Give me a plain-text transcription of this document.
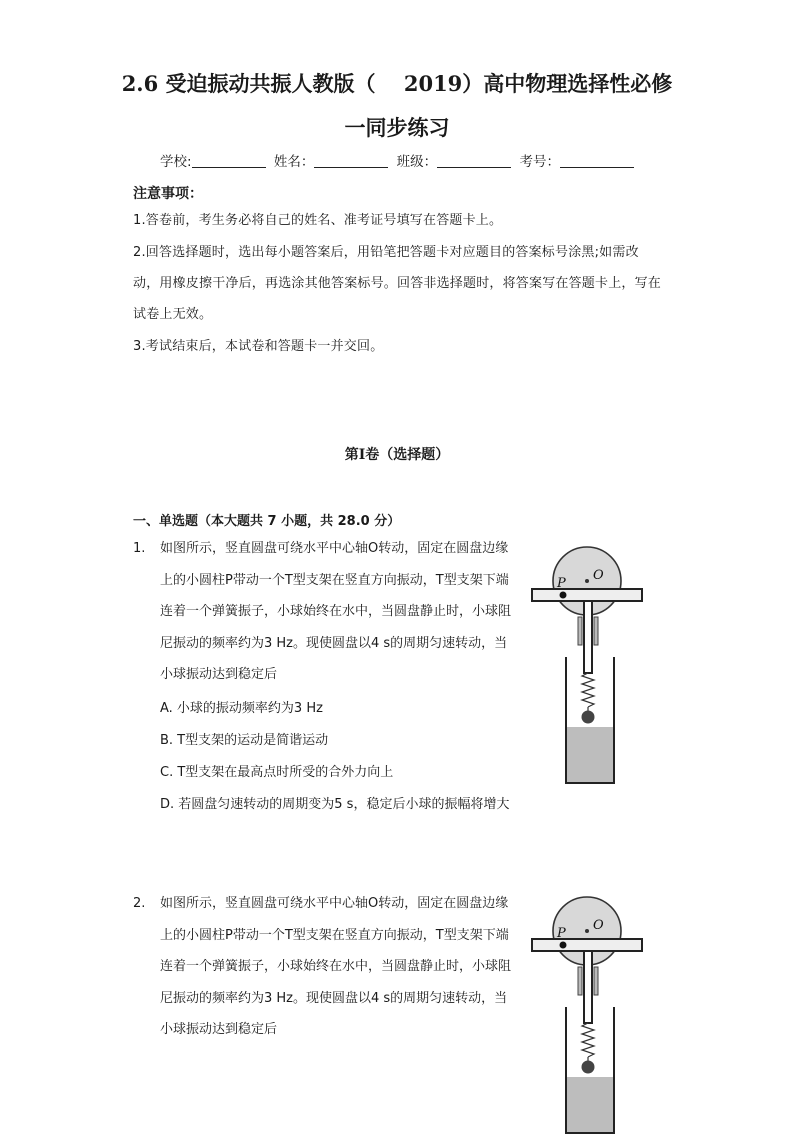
2.6 受迫振动共振人教版（　 2019）高中物理选择性必修
一同步练习
学校:	姓名：	班级：	考号：
注意事项：
1.答卷前，考生务必将自己的姓名、准考证号填写在答题卡上。
2.回答选择题时，选出每小题答案后，用铅笔把答题卡对应题目的答案标号涂黑;如需改动，用橡皮擦干净后，再选涂其他答案标号。回答非选择题时，将答案写在答题卡上，写在试卷上无效。
3.考试结束后，本试卷和答题卡一并交回。
第Ⅰ卷（选择题）
一、单选题（本大题共 7 小题，共 28.0 分）
1. 如图所示，竖直圆盘可绕水平中心轴O转动，固定在圆盘边缘上的小圆柱P带动一个T型支架在竖直方向振动，T型支架下端连着一个弹簧振子，小球始终在水中，当圆盘静止时，小球阻尼振动的频率约为3 Hz。现使圆盘以4 s的周期匀速转动，当小球振动达到稳定后
A. 小球的振动频率约为3 Hz
B. T型支架的运动是简谐运动
C. T型支架在最高点时所受的合外力向上
D. 若圆盘匀速转动的周期变为5 s，稳定后小球的振幅将增大
P
O
2. 如图所示，竖直圆盘可绕水平中心轴O转动，固定在圆盘边缘上的小圆柱P带动一个T型支架在竖直方向振动，T型支架下端连着一个弹簧振子，小球始终在水中，当圆盘静止时，小球阻尼振动的频率约为3 Hz。现使圆盘以4 s的周期匀速转动，当小球振动达到稳定后
P
O
